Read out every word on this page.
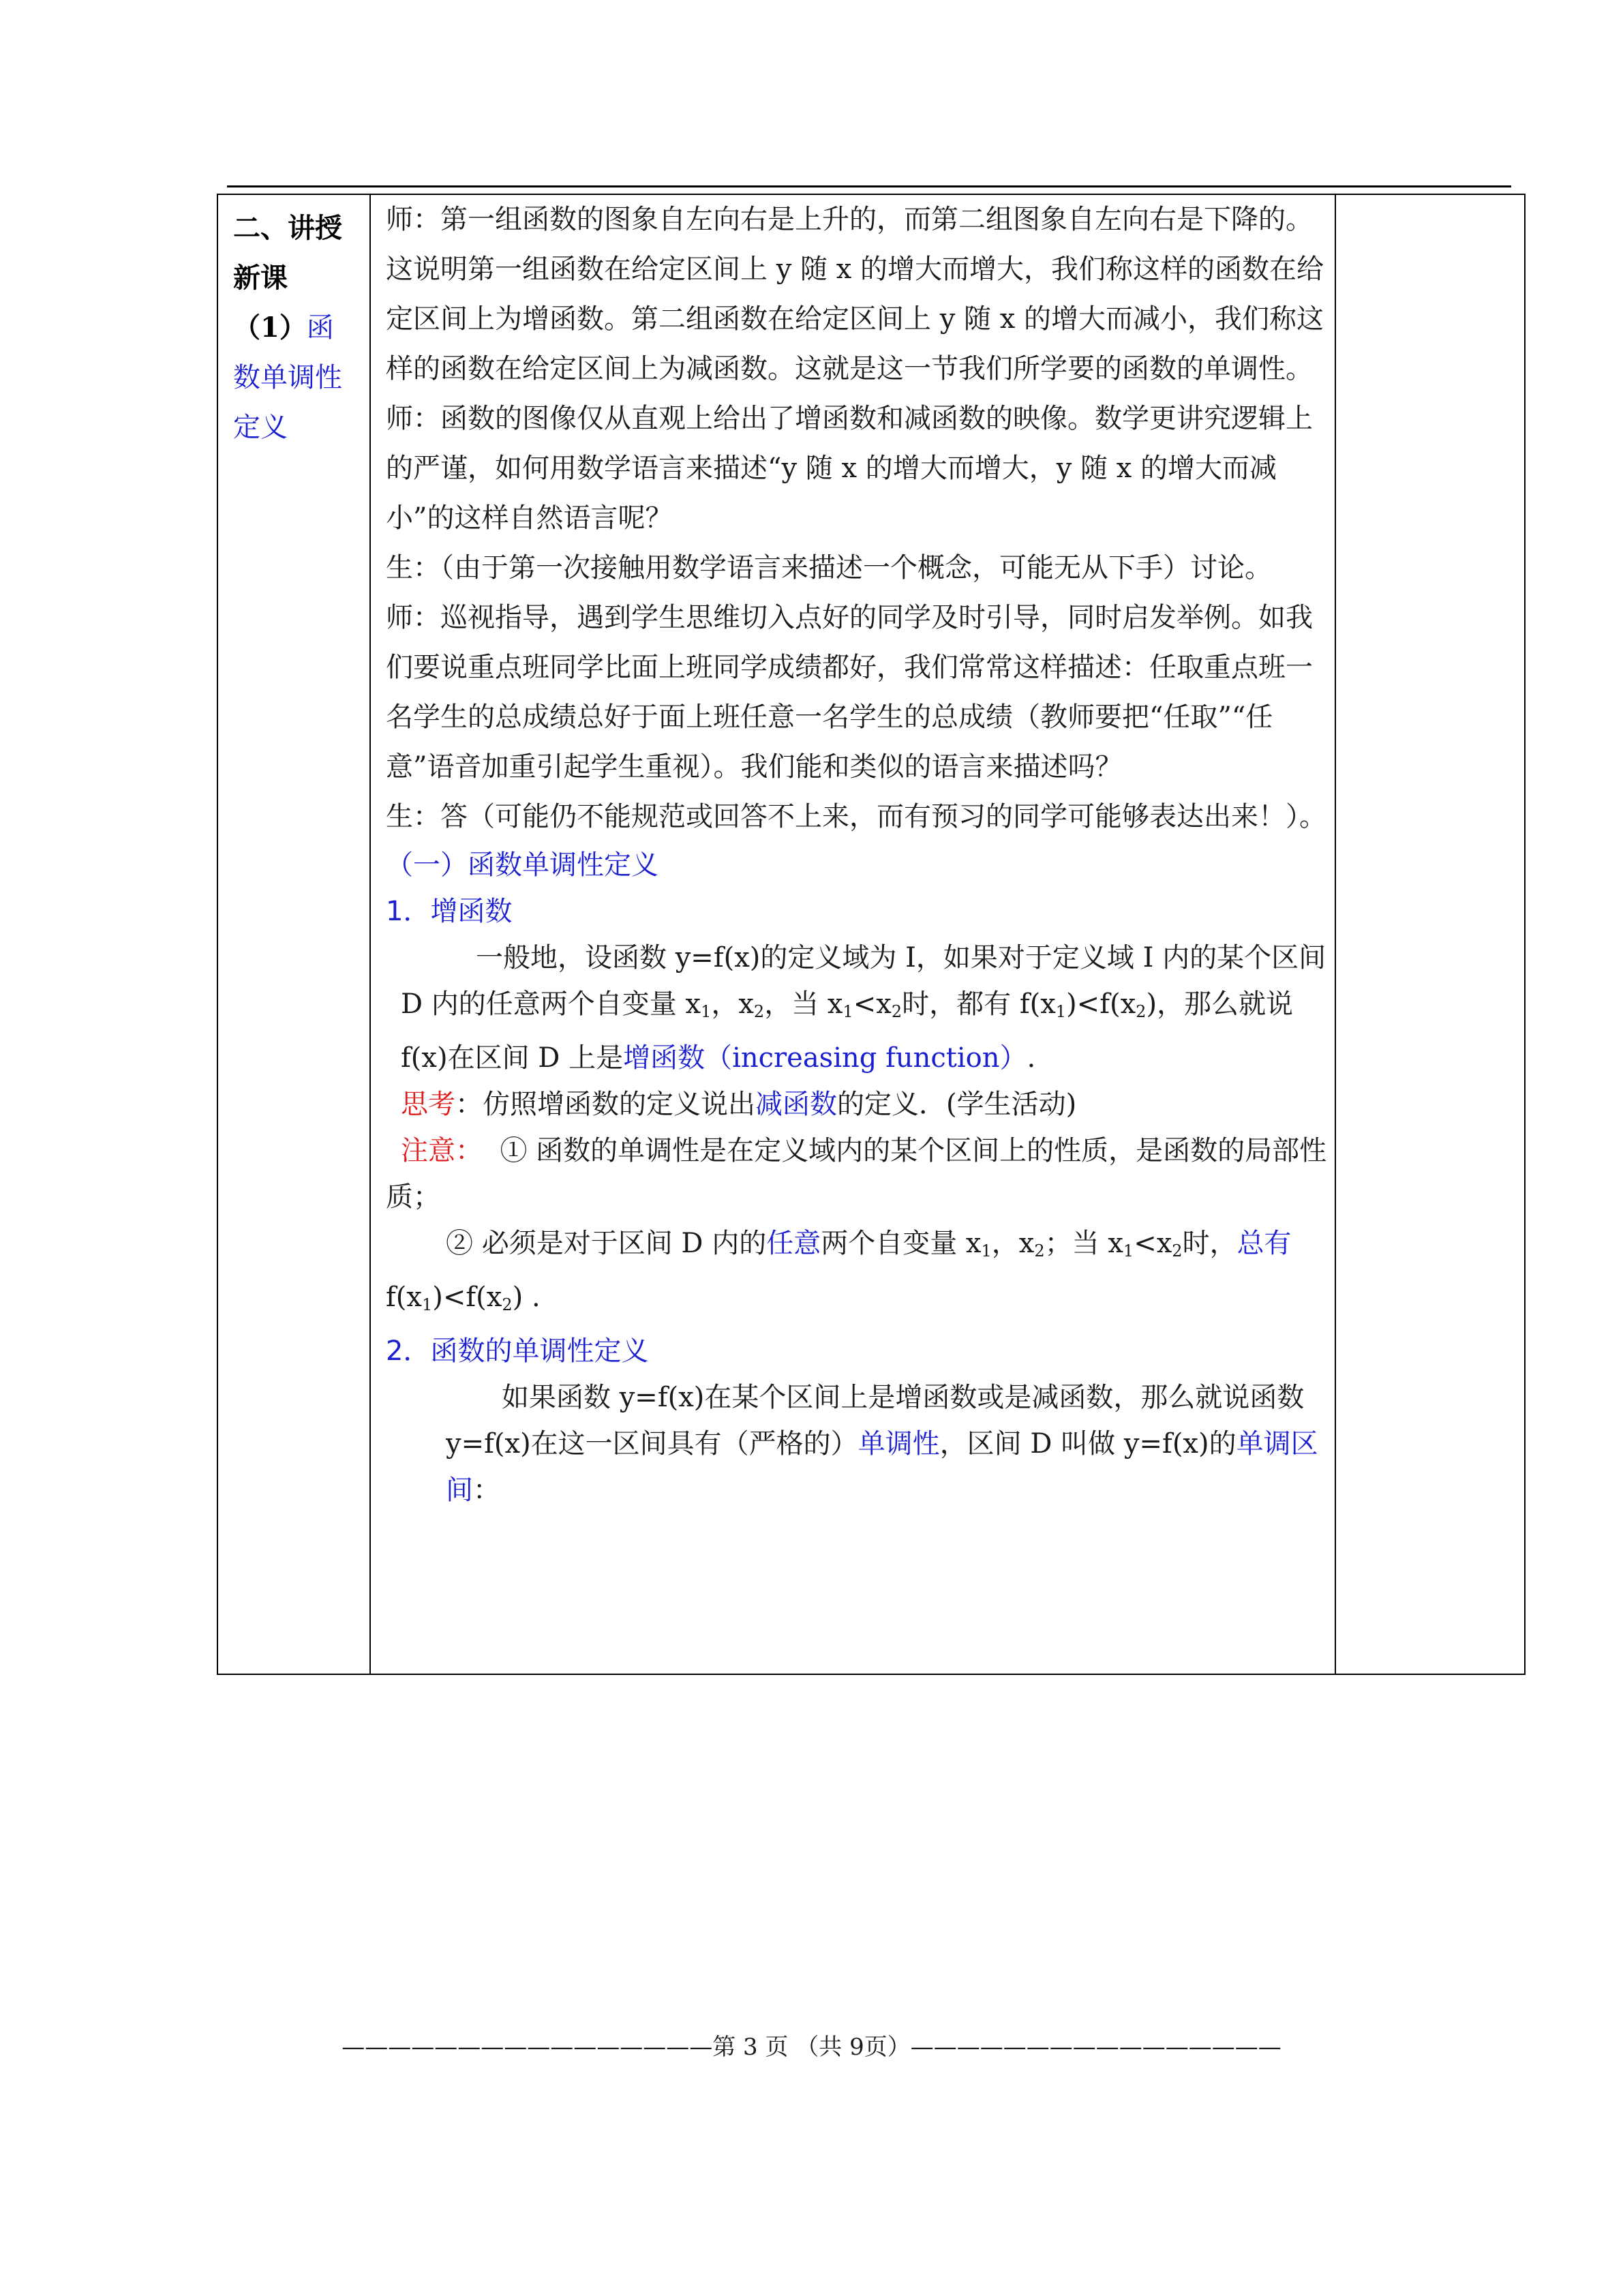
二、讲授
新课
（1）函
数单调性
定义

师：第一组函数的图象自左向右是上升的，而第二组图象自左向右是下降的。这说明第一组函数在给定区间上 y 随 x 的增大而增大，我们称这样的函数在给定区间上为增函数。第二组函数在给定区间上 y 随 x 的增大而减小，我们称这样的函数在给定区间上为减函数。这就是这一节我们所学要的函数的单调性。

师：函数的图像仅从直观上给出了增函数和减函数的映像。数学更讲究逻辑上的严谨，如何用数学语言来描述“y 随 x 的增大而增大，y 随 x 的增大而减小”的这样自然语言呢？

生：（由于第一次接触用数学语言来描述一个概念，可能无从下手）讨论。

师：巡视指导，遇到学生思维切入点好的同学及时引导，同时启发举例。如我们要说重点班同学比面上班同学成绩都好，我们常常这样描述：任取重点班一名学生的总成绩总好于面上班任意一名学生的总成绩（教师要把“任取”“任意”语音加重引起学生重视）。我们能和类似的语言来描述吗？

生：答（可能仍不能规范或回答不上来，而有预习的同学可能够表达出来！）。

（一）函数单调性定义

1．增函数

一般地，设函数 y=f(x)的定义域为 I，如果对于定义域 I 内的某个区间 D 内的任意两个自变量 $x_1$，$x_2$，当 $x_1<x_2$时，都有 $f(x_1)<f(x_2)$，那么就说 f(x)在区间 D 上是增函数（increasing function）.

思考：仿照增函数的定义说出减函数的定义．(学生活动)

注意： ① 函数的单调性是在定义域内的某个区间上的性质，是函数的局部性质；

② 必须是对于区间 D 内的任意两个自变量 $x_1$，$x_2$；当 $x_1<x_2$时，总有$f(x_1)<f(x_2)$ .

2．函数的单调性定义

如果函数 y=f(x)在某个区间上是增函数或是减函数，那么就说函数 y=f(x)在这一区间具有（严格的）单调性，区间 D 叫做 y=f(x)的单调区间：

————————————————第 3 页 （共 9页）————————————————
